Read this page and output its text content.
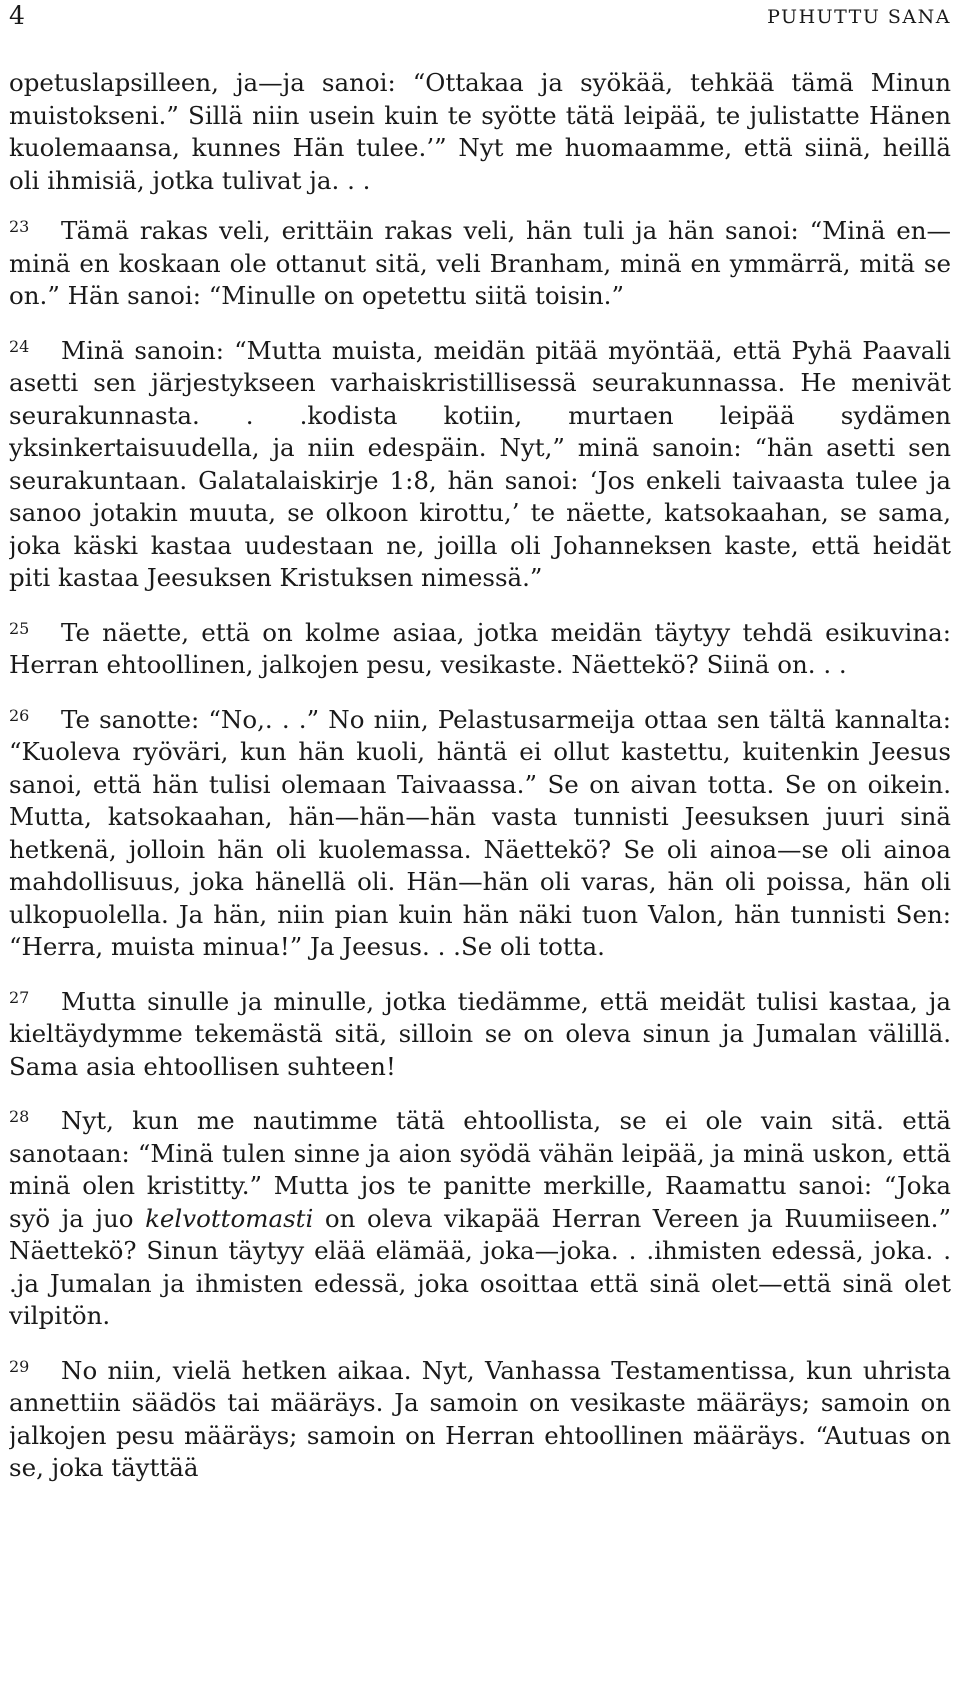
4	PUHUTTU SANA

opetuslapsilleen, ja—ja sanoi: “Ottakaa ja syökää, tehkää tämä Minun muistokseni.” Sillä niin usein kuin te syötte tätä leipää, te julistatte Hänen kuolemaansa, kunnes Hän tulee.’” Nyt me huomaamme, että siinä, heillä oli ihmisiä, jotka tulivat ja. . .

23 Tämä rakas veli, erittäin rakas veli, hän tuli ja hän sanoi: “Minä en—minä en koskaan ole ottanut sitä, veli Branham, minä en ymmärrä, mitä se on.” Hän sanoi: “Minulle on opetettu siitä toisin.”

24 Minä sanoin: “Mutta muista, meidän pitää myöntää, että Pyhä Paavali asetti sen järjestykseen varhaiskristillisessä seurakunnassa. He menivät seurakunnasta. . .kodista kotiin, murtaen leipää sydämen yksinkertaisuudella, ja niin edespäin. Nyt,” minä sanoin: “hän asetti sen seurakuntaan. Galatalaiskirje 1:8, hän sanoi: ‘Jos enkeli taivaasta tulee ja sanoo jotakin muuta, se olkoon kirottu,’ te näette, katsokaahan, se sama, joka käski kastaa uudestaan ne, joilla oli Johanneksen kaste, että heidät piti kastaa Jeesuksen Kristuksen nimessä.”

25 Te näette, että on kolme asiaa, jotka meidän täytyy tehdä esikuvina: Herran ehtoollinen, jalkojen pesu, vesikaste. Näettekö? Siinä on. . .

26 Te sanotte: “No,. . .” No niin, Pelastusarmeija ottaa sen tältä kannalta: “Kuoleva ryöväri, kun hän kuoli, häntä ei ollut kastettu, kuitenkin Jeesus sanoi, että hän tulisi olemaan Taivaassa.” Se on aivan totta. Se on oikein. Mutta, katsokaahan, hän—hän—hän vasta tunnisti Jeesuksen juuri sinä hetkenä, jolloin hän oli kuolemassa. Näettekö? Se oli ainoa—se oli ainoa mahdollisuus, joka hänellä oli. Hän—hän oli varas, hän oli poissa, hän oli ulkopuolella. Ja hän, niin pian kuin hän näki tuon Valon, hän tunnisti Sen: “Herra, muista minua!” Ja Jeesus. . .Se oli totta.

27 Mutta sinulle ja minulle, jotka tiedämme, että meidät tulisi kastaa, ja kieltäydymme tekemästä sitä, silloin se on oleva sinun ja Jumalan välillä. Sama asia ehtoollisen suhteen!

28 Nyt, kun me nautimme tätä ehtoollista, se ei ole vain sitä. että sanotaan: “Minä tulen sinne ja aion syödä vähän leipää, ja minä uskon, että minä olen kristitty.” Mutta jos te panitte merkille, Raamattu sanoi: “Joka syö ja juo kelvottomasti on oleva vikapää Herran Vereen ja Ruumiiseen.” Näettekö? Sinun täytyy elää elämää, joka—joka. . .ihmisten edessä, joka. . .ja Jumalan ja ihmisten edessä, joka osoittaa että sinä olet—että sinä olet vilpitön.

29 No niin, vielä hetken aikaa. Nyt, Vanhassa Testamentissa, kun uhrista annettiin säädös tai määräys. Ja samoin on vesikaste määräys; samoin on jalkojen pesu määräys; samoin on Herran ehtoollinen määräys. “Autuas on se, joka täyttää
